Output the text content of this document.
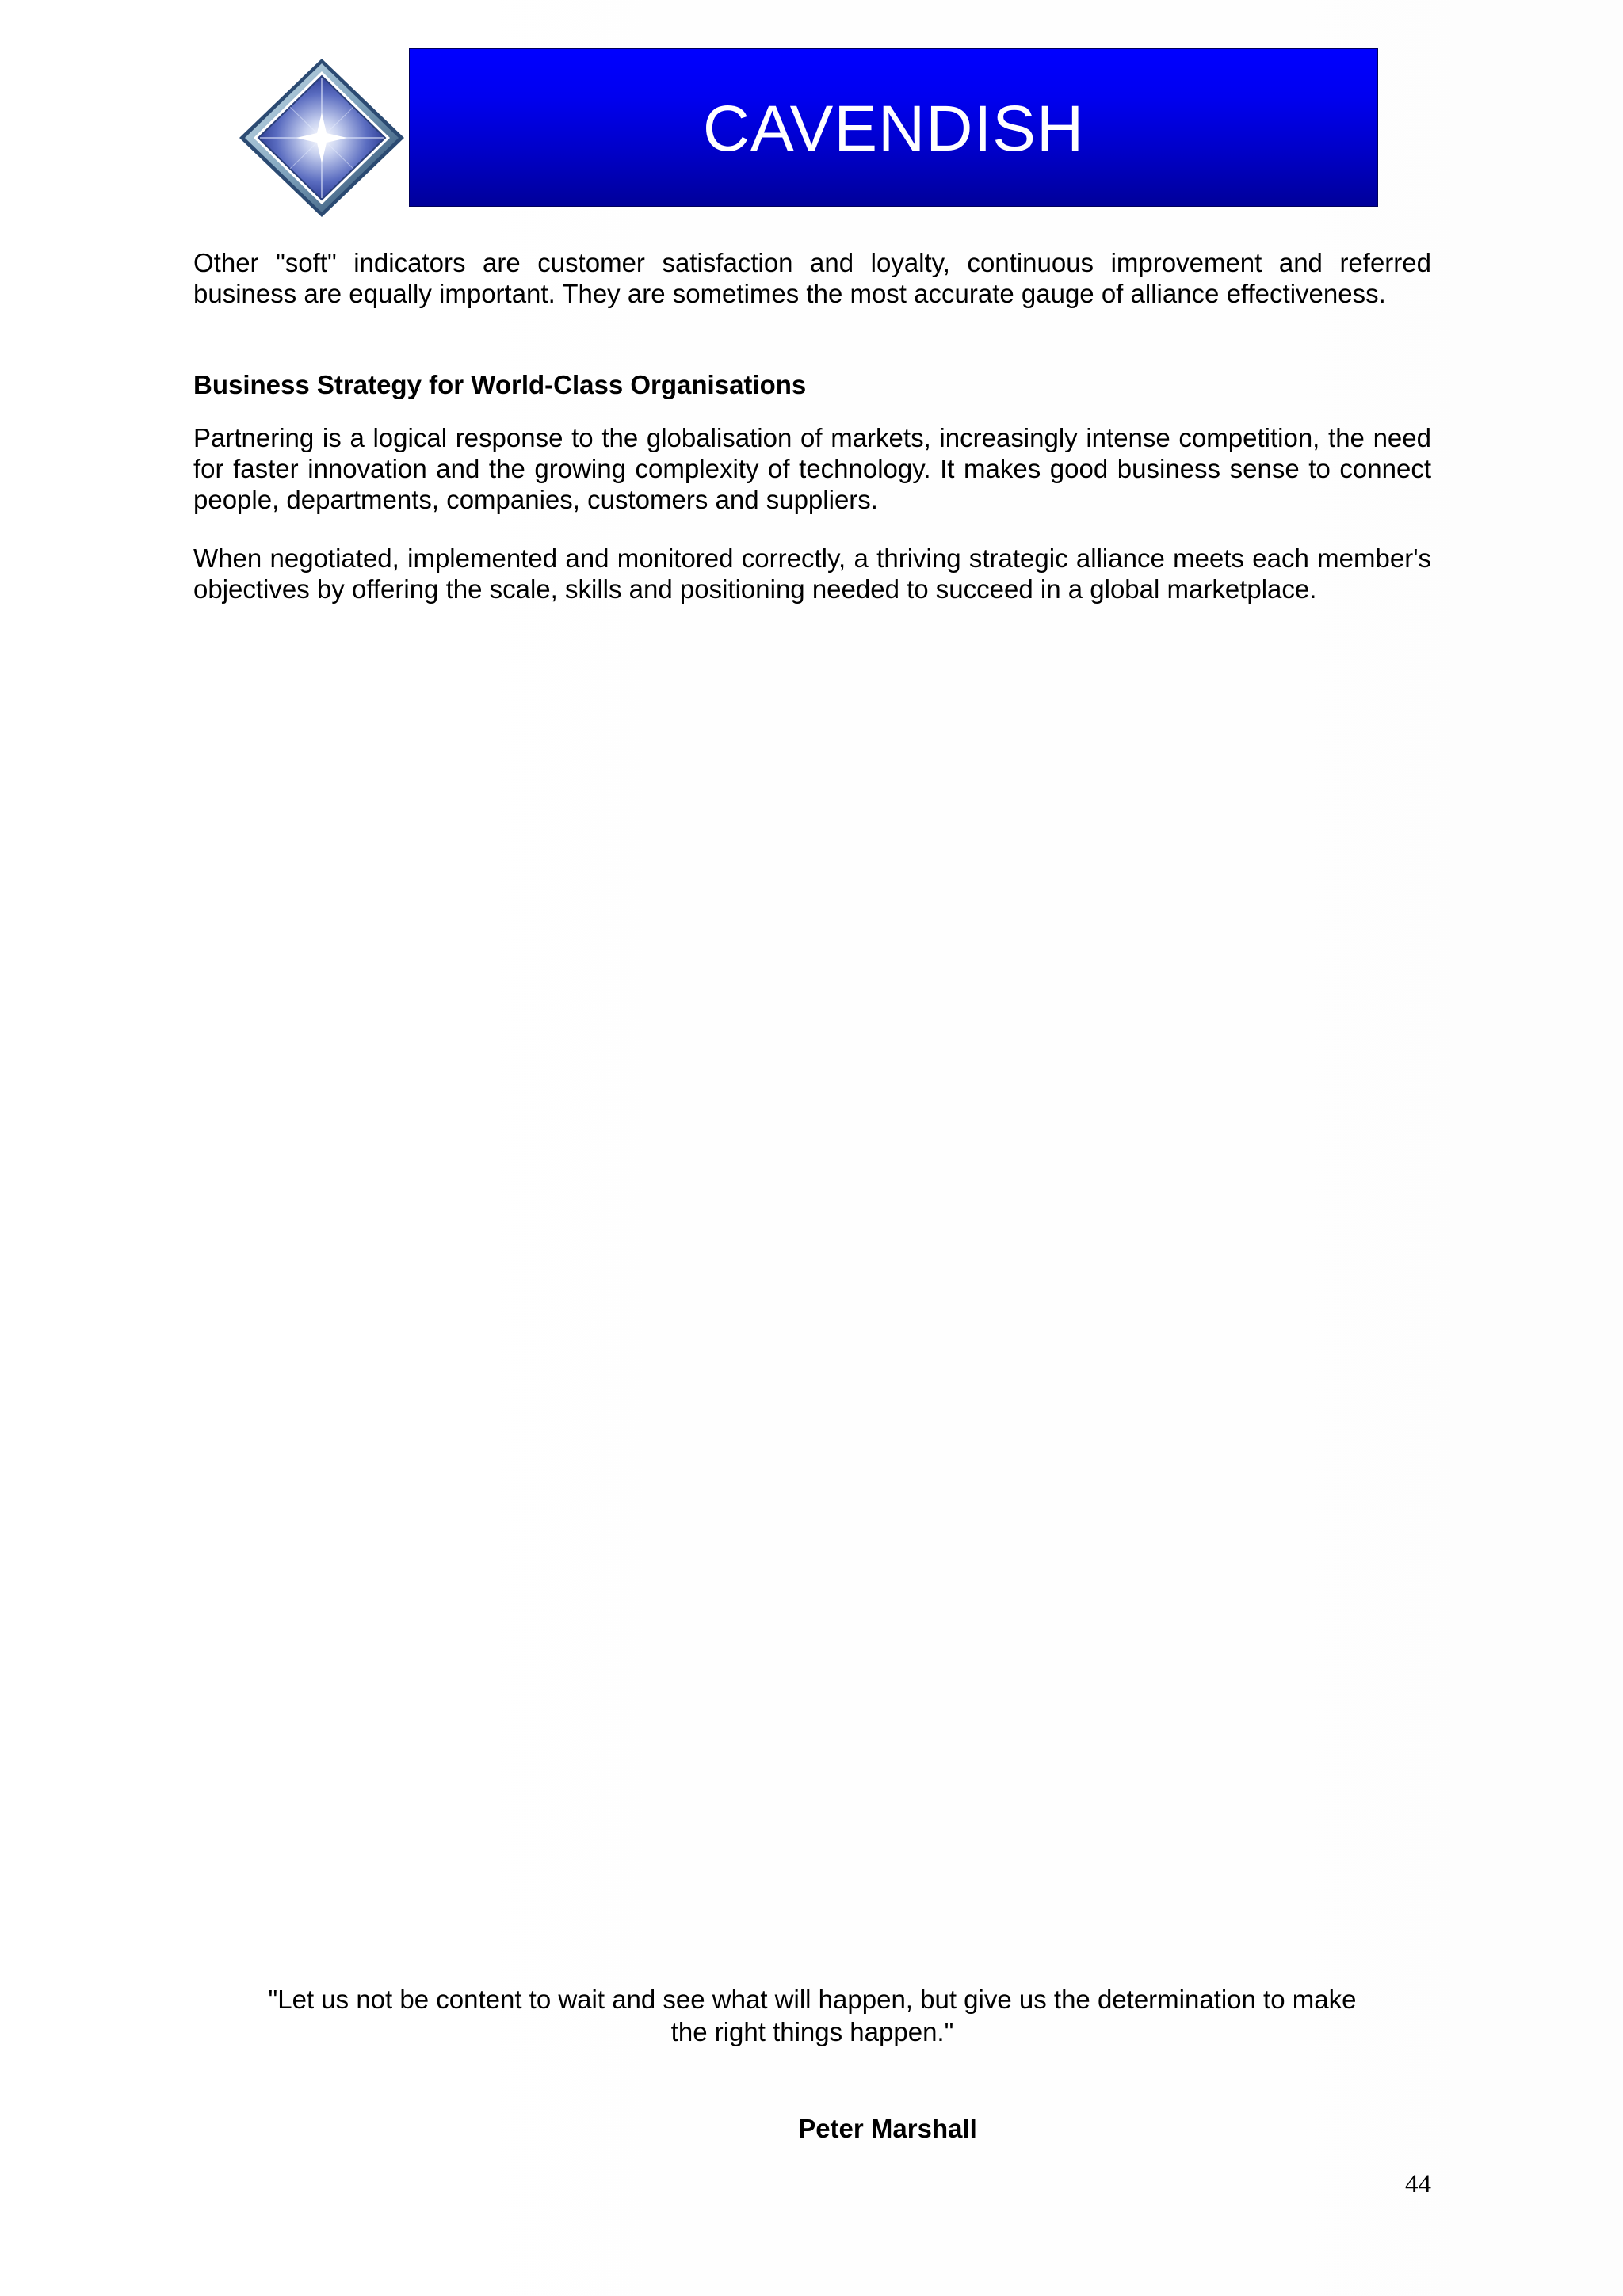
CAVENDISH

Other "soft" indicators are customer satisfaction and loyalty, continuous improvement and referred business are equally important. They are sometimes the most accurate gauge of alliance effectiveness.

Business Strategy for World-Class Organisations

Partnering is a logical response to the globalisation of markets, increasingly intense competition, the need for faster innovation and the growing complexity of technology. It makes good business sense to connect people, departments, companies, customers and suppliers.

When negotiated, implemented and monitored correctly, a thriving strategic alliance meets each member's objectives by offering the scale, skills and positioning needed to succeed in a global marketplace.

"Let us not be content to wait and see what will happen, but give us the determination to make
the right things happen."
Peter Marshall
44
